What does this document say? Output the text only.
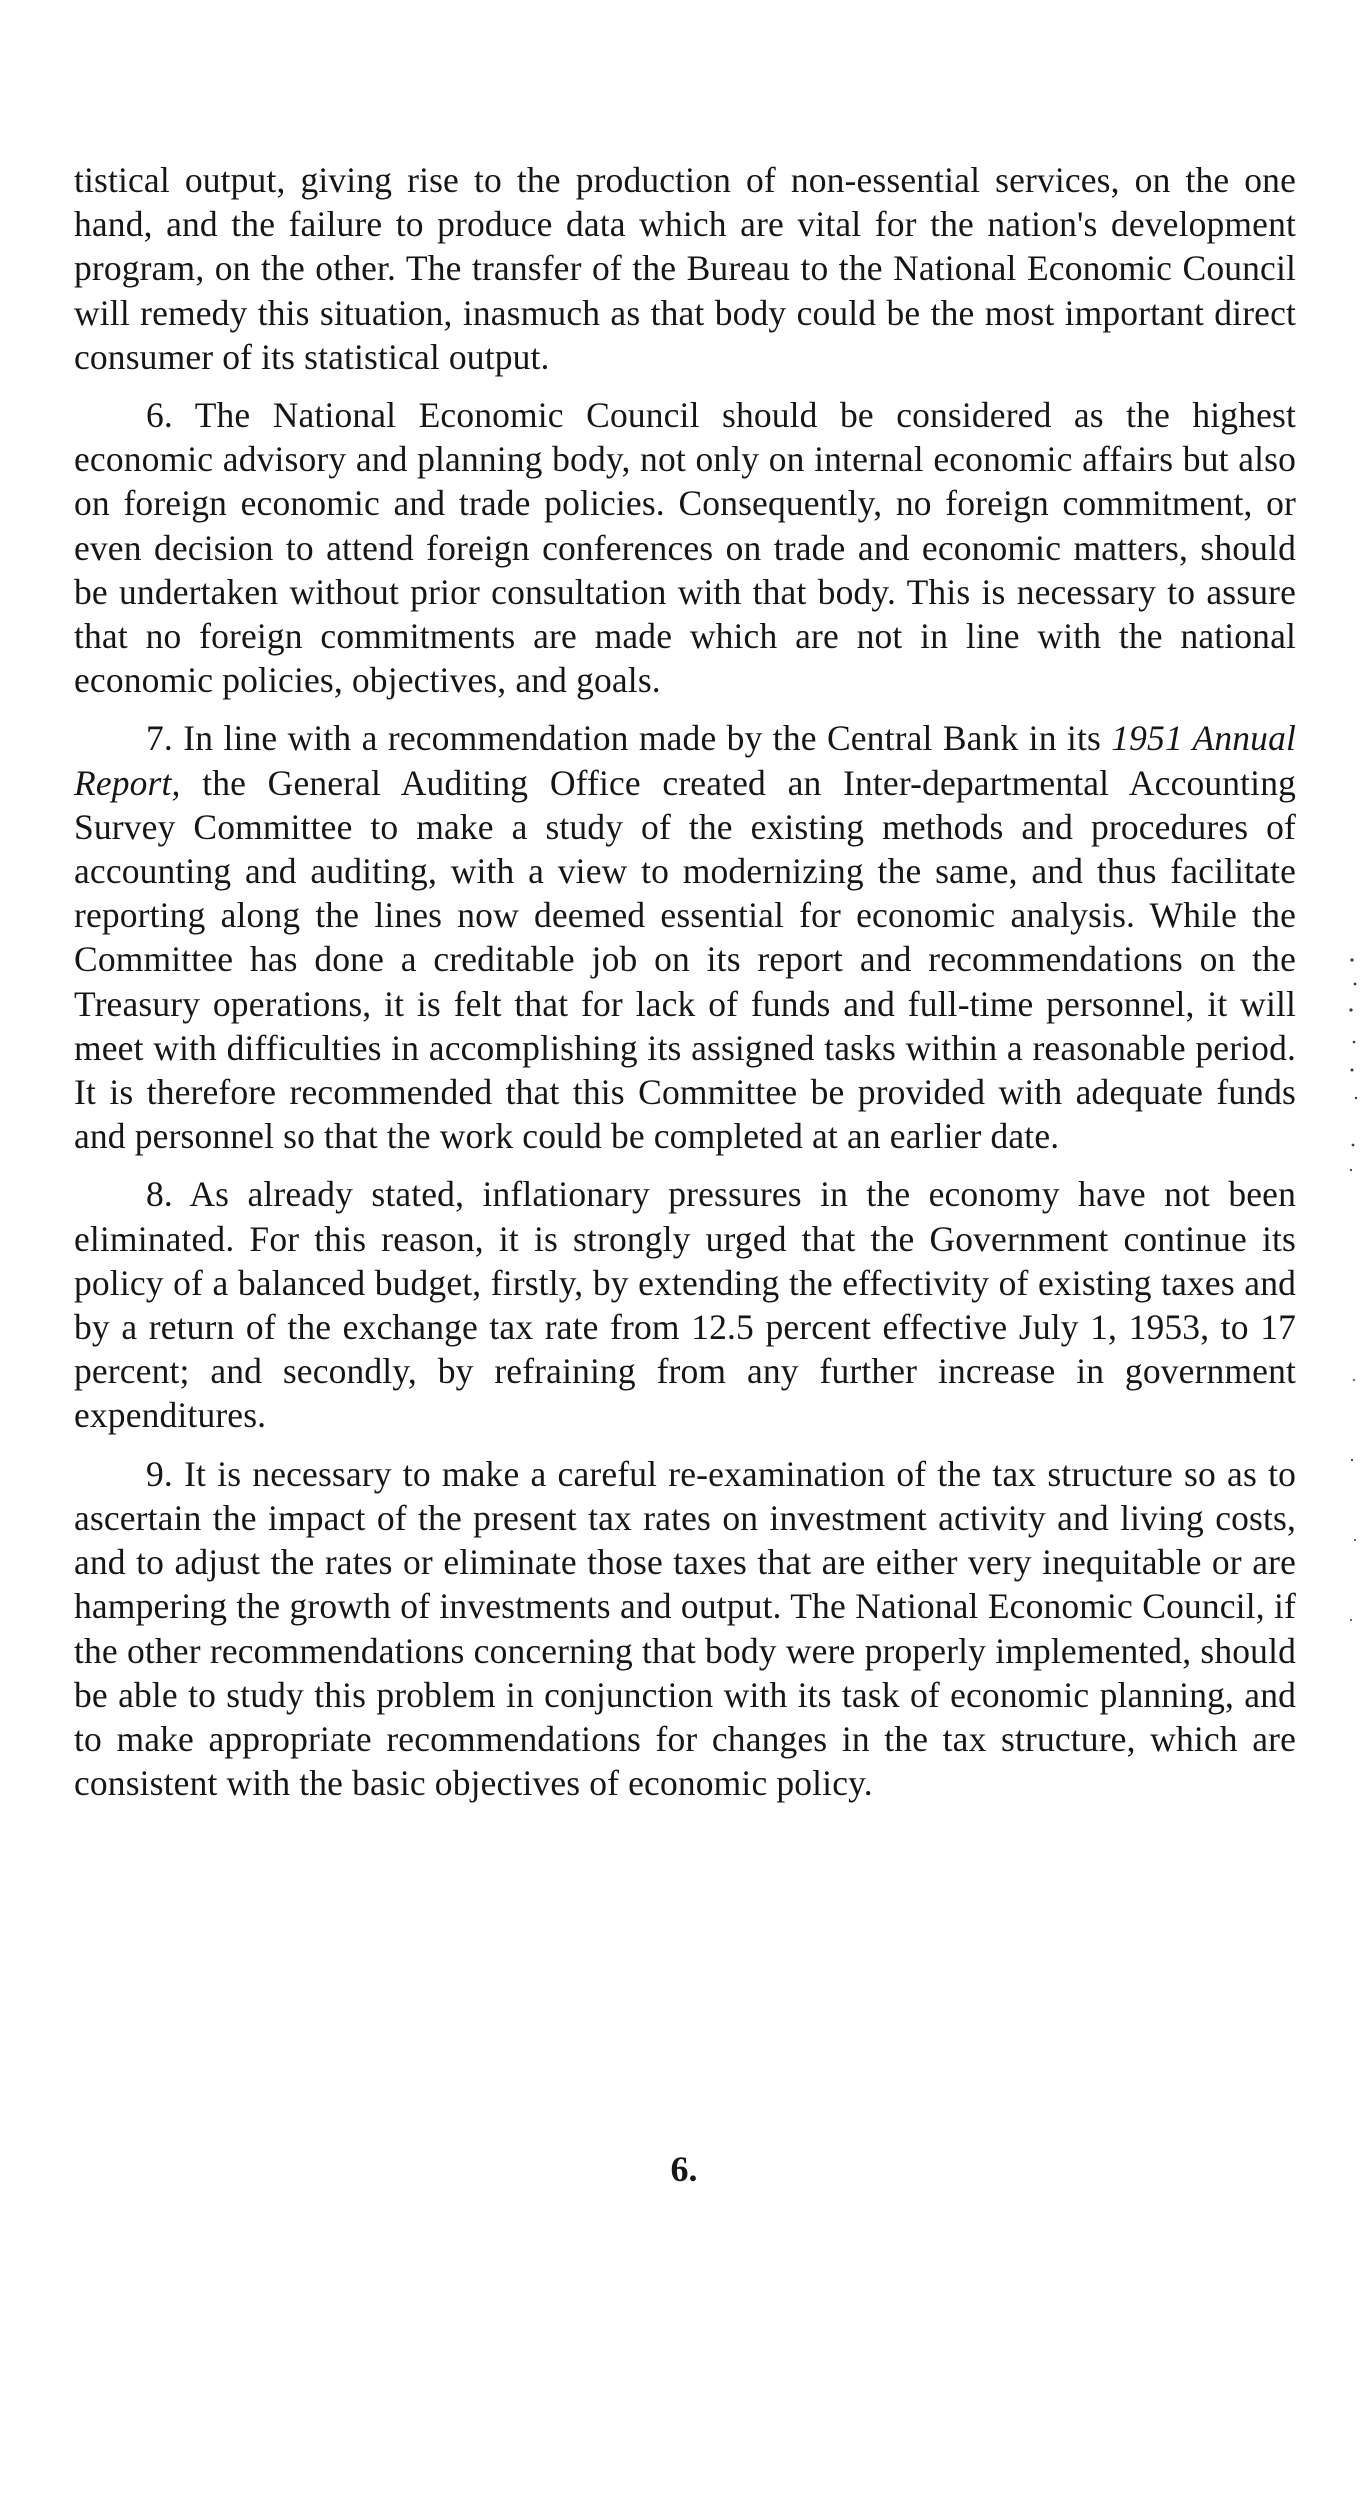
tistical output, giving rise to the production of non-essential services, on the one hand, and the failure to produce data which are vital for the nation's development program, on the other. The transfer of the Bureau to the National Economic Council will remedy this situation, inasmuch as that body could be the most important direct consumer of its statistical output.

6. The National Economic Council should be considered as the highest economic advisory and planning body, not only on internal economic affairs but also on foreign economic and trade policies. Consequently, no foreign commitment, or even decision to attend foreign conferences on trade and economic matters, should be undertaken without prior consultation with that body. This is necessary to assure that no foreign commitments are made which are not in line with the national economic policies, objectives, and goals.

7. In line with a recommendation made by the Central Bank in its 1951 Annual Report, the General Auditing Office created an Inter-departmental Accounting Survey Committee to make a study of the existing methods and procedures of accounting and auditing, with a view to modernizing the same, and thus facilitate reporting along the lines now deemed essential for economic analysis. While the Committee has done a creditable job on its report and recommendations on the Treasury operations, it is felt that for lack of funds and full-time personnel, it will meet with difficulties in accomplishing its assigned tasks within a reasonable period. It is therefore recommended that this Committee be provided with adequate funds and personnel so that the work could be completed at an earlier date.

8. As already stated, inflationary pressures in the economy have not been eliminated. For this reason, it is strongly urged that the Government continue its policy of a balanced budget, firstly, by extending the effectivity of existing taxes and by a return of the exchange tax rate from 12.5 percent effective July 1, 1953, to 17 percent; and secondly, by refraining from any further increase in government expenditures.

9. It is necessary to make a careful re-examination of the tax structure so as to ascertain the impact of the present tax rates on investment activity and living costs, and to adjust the rates or eliminate those taxes that are either very inequitable or are hampering the growth of investments and output. The National Economic Council, if the other recommendations concerning that body were properly implemented, should be able to study this problem in conjunction with its task of economic planning, and to make appropriate recommendations for changes in the tax structure, which are consistent with the basic objectives of economic policy.

6.
